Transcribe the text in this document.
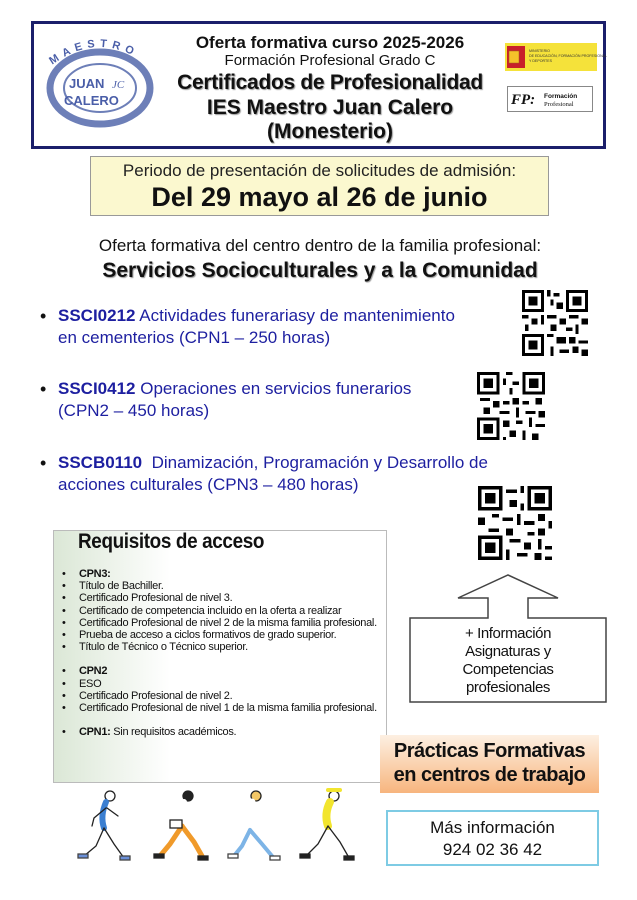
MAESTRO
JUAN JC
CALERO
Oferta formativa curso 2025-2026
Formación Profesional Grado C
Certificados de Profesionalidad
IES Maestro Juan Calero
(Monesterio)
MINISTERIO
DE EDUCACIÓN, FORMACIÓN PROFESIONAL
Y DEPORTES
FP: Formación
Profesional
Periodo de presentación de solicitudes de admisión:
Del 29 mayo al 26 de junio
Oferta formativa del centro dentro de la familia profesional:
Servicios Socioculturales y a la Comunidad
• SSCI0212 Actividades funerariasy de mantenimiento
en cementerios (CPN1 – 250 horas)
• SSCI0412 Operaciones en servicios funerarios
(CPN2 – 450 horas)
• SSCB0110 Dinamización, Programación y Desarrollo de
acciones culturales (CPN3 – 480 horas)
Requisitos de acceso
• CPN3:
• Título de Bachiller.
• Certificado Profesional de nivel 3.
• Certificado de competencia incluido en la oferta a realizar
• Certificado Profesional de nivel 2 de la misma familia profesional.
• Prueba de acceso a ciclos formativos de grado superior.
• Título de Técnico o Técnico superior.
• CPN2
• ESO
• Certificado Profesional de nivel 2.
• Certificado Profesional de nivel 1 de la misma familia profesional.
• CPN1: Sin requisitos académicos.
+ Información
Asignaturas y
Competencias
profesionales
Prácticas Formativas
en centros de trabajo
Más información
924 02 36 42
